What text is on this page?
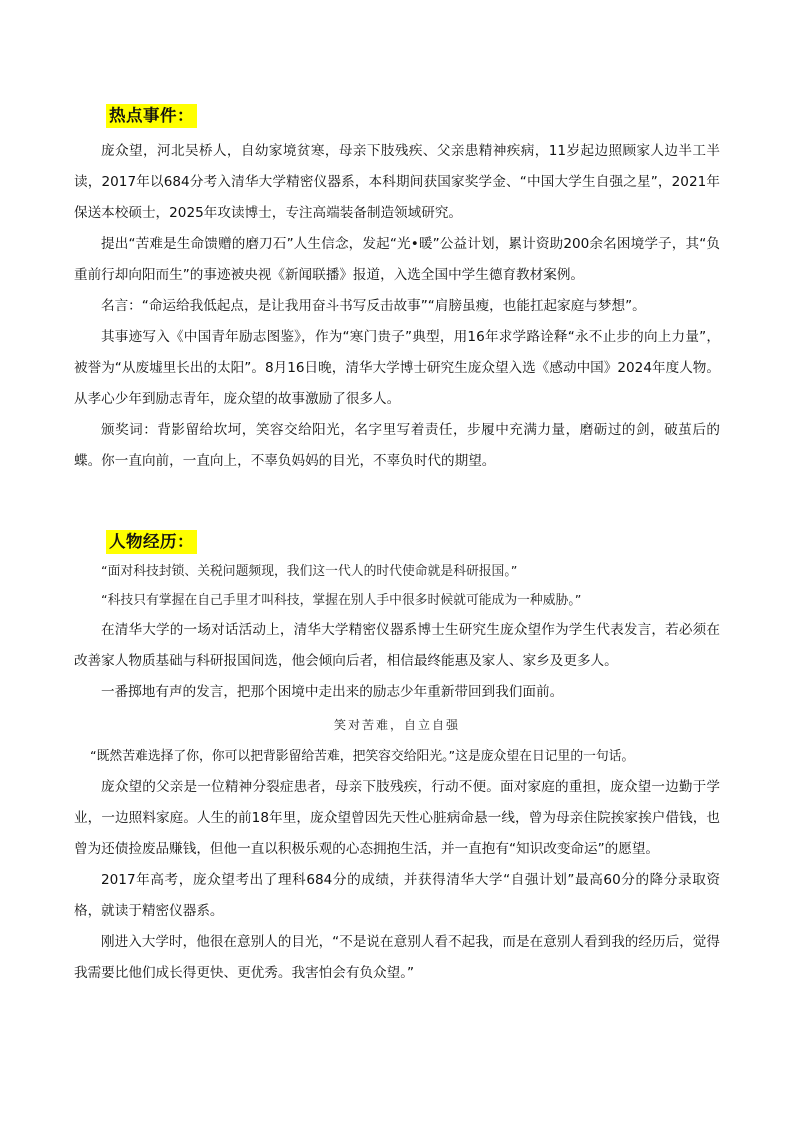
热点事件：

庞众望，河北吴桥人，自幼家境贫寒，母亲下肢残疾、父亲患精神疾病，11岁起边照顾家人边半工半读，2017年以684分考入清华大学精密仪器系，本科期间获国家奖学金、“中国大学生自强之星”，2021年保送本校硕士，2025年攻读博士，专注高端装备制造领域研究。

提出“苦难是生命馈赠的磨刀石”人生信念，发起“光•暖”公益计划，累计资助200余名困境学子，其“负重前行却向阳而生”的事迹被央视《新闻联播》报道，入选全国中学生德育教材案例。

名言：“命运给我低起点，是让我用奋斗书写反击故事”“肩膀虽瘦，也能扛起家庭与梦想”。

其事迹写入《中国青年励志图鉴》，作为“寒门贵子”典型，用16年求学路诠释“永不止步的向上力量”，被誉为“从废墟里长出的太阳”。8月16日晚，清华大学博士研究生庞众望入选《感动中国》2024年度人物。从孝心少年到励志青年，庞众望的故事激励了很多人。

颁奖词：背影留给坎坷，笑容交给阳光，名字里写着责任，步履中充满力量，磨砺过的剑，破茧后的蝶。你一直向前，一直向上，不辜负妈妈的目光，不辜负时代的期望。

人物经历：

“面对科技封锁、关税问题频现，我们这一代人的时代使命就是科研报国。”

“科技只有掌握在自己手里才叫科技，掌握在别人手中很多时候就可能成为一种威胁。”

在清华大学的一场对话活动上，清华大学精密仪器系博士生研究生庞众望作为学生代表发言，若必须在改善家人物质基础与科研报国间选，他会倾向后者，相信最终能惠及家人、家乡及更多人。

一番掷地有声的发言，把那个困境中走出来的励志少年重新带回到我们面前。

笑对苦难，自立自强

“既然苦难选择了你，你可以把背影留给苦难，把笑容交给阳光。”这是庞众望在日记里的一句话。

庞众望的父亲是一位精神分裂症患者，母亲下肢残疾，行动不便。面对家庭的重担，庞众望一边勤于学业，一边照料家庭。人生的前18年里，庞众望曾因先天性心脏病命悬一线，曾为母亲住院挨家挨户借钱，也曾为还债捡废品赚钱，但他一直以积极乐观的心态拥抱生活，并一直抱有“知识改变命运”的愿望。

2017年高考，庞众望考出了理科684分的成绩，并获得清华大学“自强计划”最高60分的降分录取资格，就读于精密仪器系。

刚进入大学时，他很在意别人的目光，“不是说在意别人看不起我，而是在意别人看到我的经历后，觉得我需要比他们成长得更快、更优秀。我害怕会有负众望。”
